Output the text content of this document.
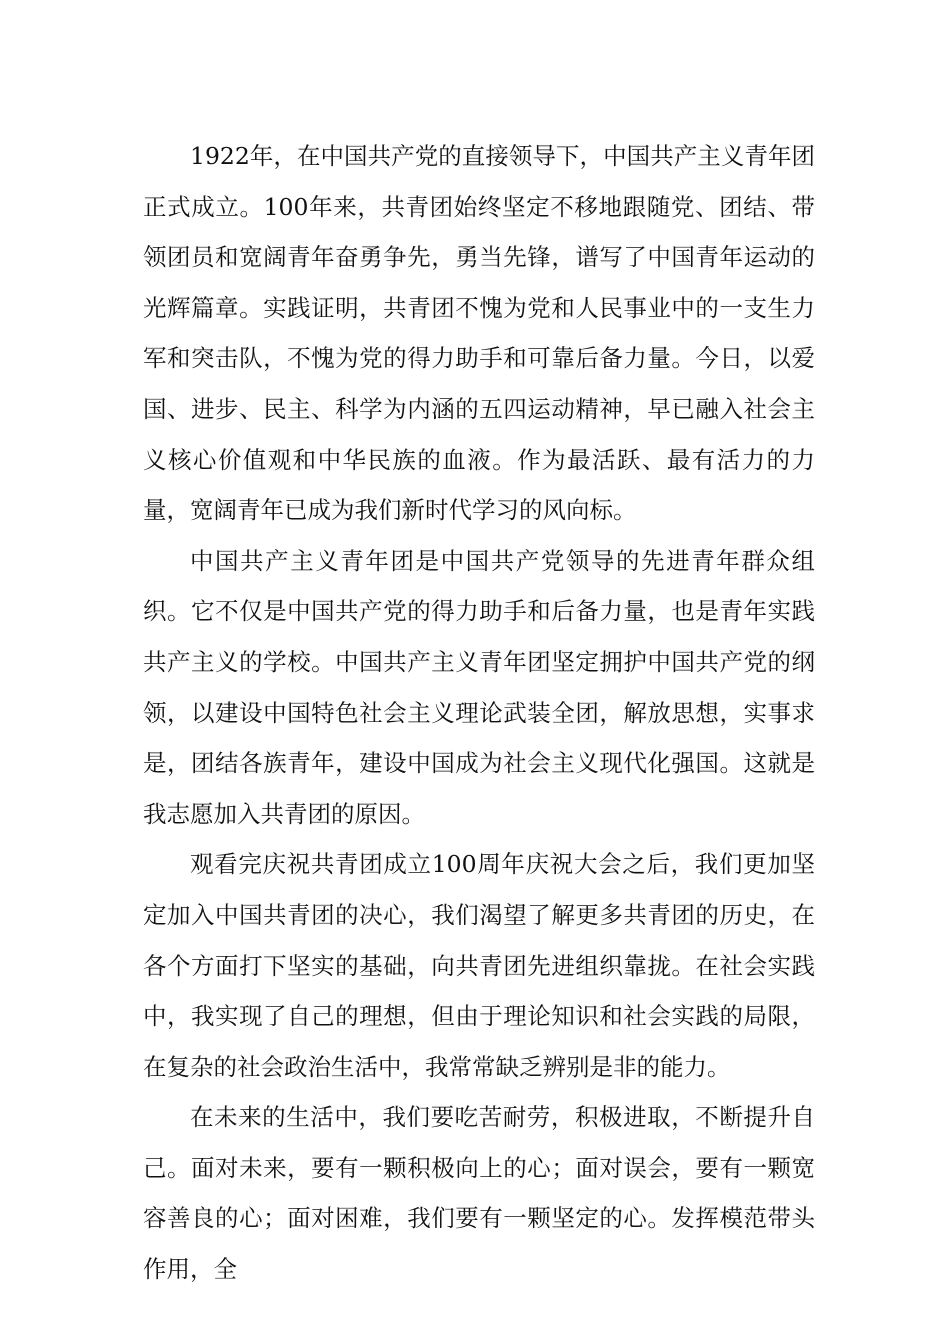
1922年，在中国共产党的直接领导下，中国共产主义青年团正式成立。100年来，共青团始终坚定不移地跟随党、团结、带领团员和宽阔青年奋勇争先，勇当先锋，谱写了中国青年运动的光辉篇章。实践证明，共青团不愧为党和人民事业中的一支生力军和突击队，不愧为党的得力助手和可靠后备力量。今日，以爱国、进步、民主、科学为内涵的五四运动精神，早已融入社会主义核心价值观和中华民族的血液。作为最活跃、最有活力的力量，宽阔青年已成为我们新时代学习的风向标。

中国共产主义青年团是中国共产党领导的先进青年群众组织。它不仅是中国共产党的得力助手和后备力量，也是青年实践共产主义的学校。中国共产主义青年团坚定拥护中国共产党的纲领，以建设中国特色社会主义理论武装全团，解放思想，实事求是，团结各族青年，建设中国成为社会主义现代化强国。这就是我志愿加入共青团的原因。

观看完庆祝共青团成立100周年庆祝大会之后，我们更加坚定加入中国共青团的决心，我们渴望了解更多共青团的历史，在各个方面打下坚实的基础，向共青团先进组织靠拢。在社会实践中，我实现了自己的理想，但由于理论知识和社会实践的局限，在复杂的社会政治生活中，我常常缺乏辨别是非的能力。

在未来的生活中，我们要吃苦耐劳，积极进取，不断提升自己。面对未来，要有一颗积极向上的心；面对误会，要有一颗宽容善良的心；面对困难，我们要有一颗坚定的心。发挥模范带头作用，全
